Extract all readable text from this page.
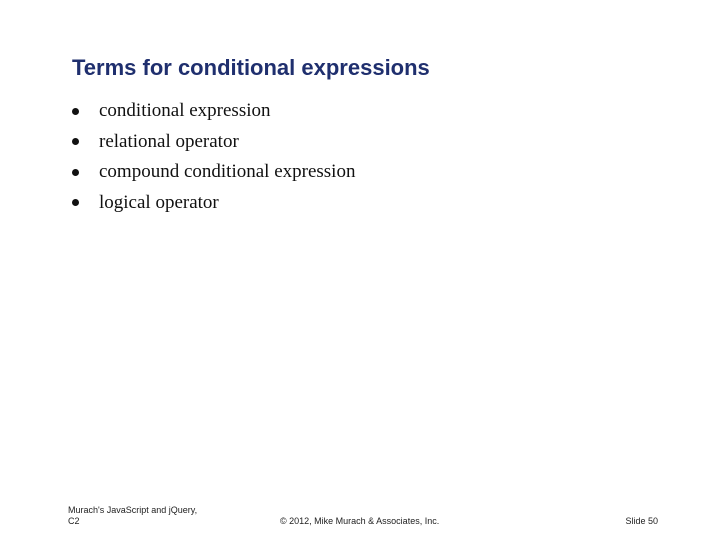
Terms for conditional expressions
conditional expression
relational operator
compound conditional expression
logical operator
Murach's JavaScript and jQuery,
C2	© 2012, Mike Murach & Associates, Inc.	Slide 50
